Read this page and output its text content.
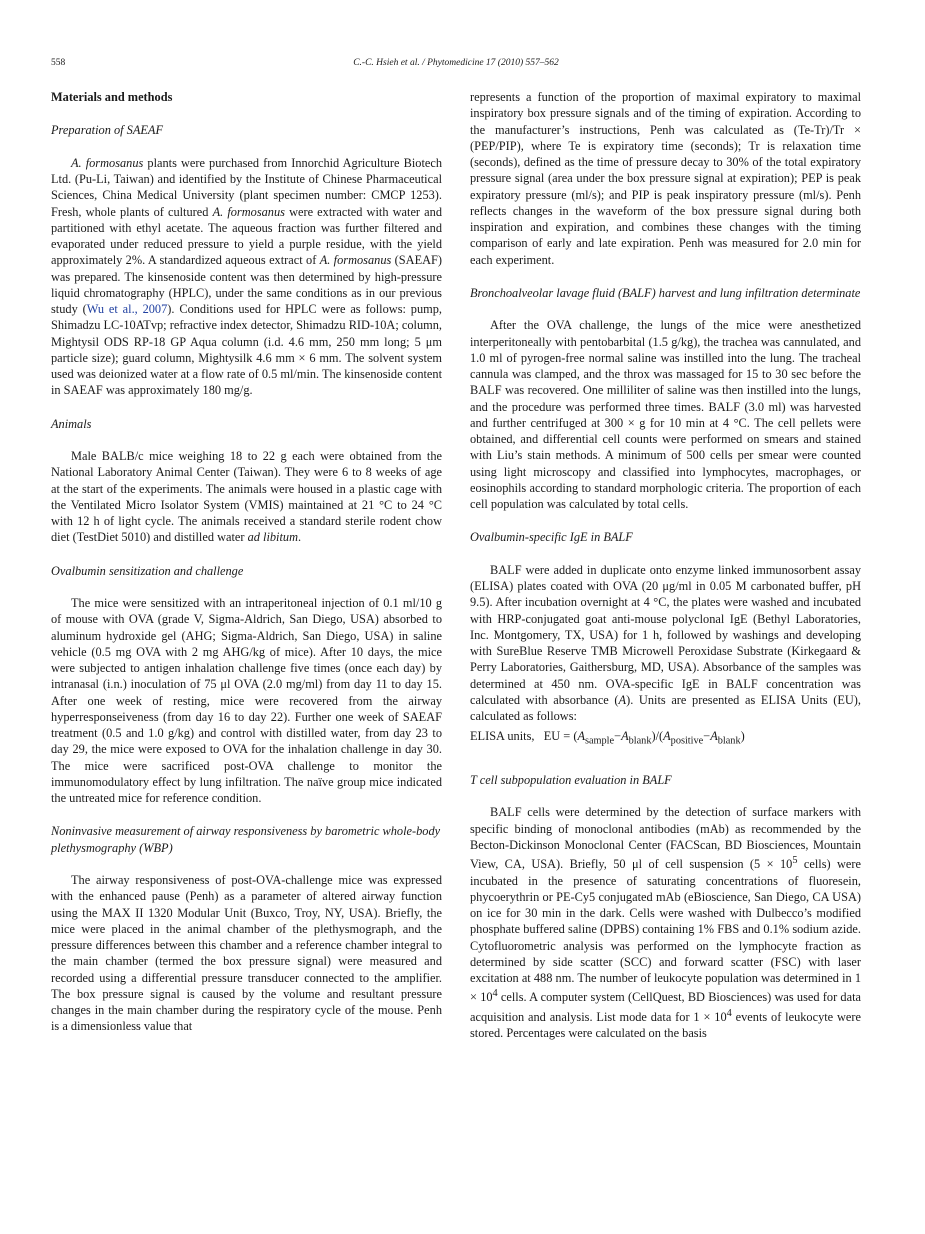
558	C.-C. Hsieh et al. / Phytomedicine 17 (2010) 557–562
Materials and methods
Preparation of SAEAF

A. formosanus plants were purchased from Innorchid Agriculture Biotech Ltd. (Pu-Li, Taiwan) and identified by the Institute of Chinese Pharmaceutical Sciences, China Medical University (plant specimen number: CMCP 1253). Fresh, whole plants of cultured A. formosanus were extracted with water and partitioned with ethyl acetate. The aqueous fraction was further filtered and evaporated under reduced pressure to yield a purple residue, with the yield approximately 2%. A standardized aqueous extract of A. formosanus (SAEAF) was prepared. The kinsenoside content was then determined by high-pressure liquid chromatography (HPLC), under the same conditions as in our previous study (Wu et al., 2007). Conditions used for HPLC were as follows: pump, Shimadzu LC-10ATvp; refractive index detector, Shimadzu RID-10A; column, Mightysil ODS RP-18 GP Aqua column (i.d. 4.6 mm, 250 mm long; 5 μm particle size); guard column, Mightysilk 4.6 mm × 6 mm. The solvent system used was deionized water at a flow rate of 0.5 ml/min. The kinsenoside content in SAEAF was approximately 180 mg/g.

Animals

Male BALB/c mice weighing 18 to 22 g each were obtained from the National Laboratory Animal Center (Taiwan). They were 6 to 8 weeks of age at the start of the experiments. The animals were housed in a plastic cage with the Ventilated Micro Isolator System (VMIS) maintained at 21 °C to 24 °C with 12 h of light cycle. The animals received a standard sterile rodent chow diet (TestDiet 5010) and distilled water ad libitum.

Ovalbumin sensitization and challenge

The mice were sensitized with an intraperitoneal injection of 0.1 ml/10 g of mouse with OVA (grade V, Sigma-Aldrich, San Diego, USA) absorbed to aluminum hydroxide gel (AHG; Sigma-Aldrich, San Diego, USA) in saline vehicle (0.5 mg OVA with 2 mg AHG/kg of mice). After 10 days, the mice were subjected to antigen inhalation challenge five times (once each day) by intranasal (i.n.) inoculation of 75 μl OVA (2.0 mg/ml) from day 11 to day 15. After one week of resting, mice were recovered from the airway hyperresponseiveness (from day 16 to day 22). Further one week of SAEAF treatment (0.5 and 1.0 g/kg) and control with distilled water, from day 23 to day 29, the mice were exposed to OVA for the inhalation challenge in day 30. The mice were sacrificed post-OVA challenge to monitor the immunomodulatory effect by lung infiltration. The naïve group mice indicated the untreated mice for reference condition.

Noninvasive measurement of airway responsiveness by barometric whole-body plethysmography (WBP)

The airway responsiveness of post-OVA-challenge mice was expressed with the enhanced pause (Penh) as a parameter of altered airway function using the MAX II 1320 Modular Unit (Buxco, Troy, NY, USA). Briefly, the mice were placed in the animal chamber of the plethysmograph, and the pressure differences between this chamber and a reference chamber integral to the main chamber (termed the box pressure signal) were measured and recorded using a differential pressure transducer connected to the amplifier. The box pressure signal is caused by the volume and resultant pressure changes in the main chamber during the respiratory cycle of the mouse. Penh is a dimensionless value that

represents a function of the proportion of maximal expiratory to maximal inspiratory box pressure signals and of the timing of expiration. According to the manufacturer’s instructions, Penh was calculated as (Te-Tr)/Tr × (PEP/PIP), where Te is expiratory time (seconds); Tr is relaxation time (seconds), defined as the time of pressure decay to 30% of the total expiratory pressure signal (area under the box pressure signal at expiration); PEP is peak expiratory pressure (ml/s); and PIP is peak inspiratory pressure (ml/s). Penh reflects changes in the waveform of the box pressure signal during both inspiration and expiration, and combines these changes with the timing comparison of early and late expiration. Penh was measured for 2.0 min for each experiment.

Bronchoalveolar lavage fluid (BALF) harvest and lung infiltration determinate

After the OVA challenge, the lungs of the mice were anesthetized interperitoneally with pentobarbital (1.5 g/kg), the trachea was cannulated, and 1.0 ml of pyrogen-free normal saline was instilled into the lung. The tracheal cannula was clamped, and the throx was massaged for 15 to 30 sec before the BALF was recovered. One milliliter of saline was then instilled into the lungs, and the procedure was performed three times. BALF (3.0 ml) was harvested and further centrifuged at 300 × g for 10 min at 4 °C. The cell pellets were obtained, and differential cell counts were performed on smears and stained with Liu’s stain methods. A minimum of 500 cells per smear were counted using light microscopy and classified into lymphocytes, macrophages, or eosinophils according to standard morphologic criteria. The proportion of each cell population was calculated by total cells.

Ovalbumin-specific IgE in BALF

BALF were added in duplicate onto enzyme linked immunosorbent assay (ELISA) plates coated with OVA (20 μg/ml in 0.05 M carbonated buffer, pH 9.5). After incubation overnight at 4 °C, the plates were washed and incubated with HRP-conjugated goat anti-mouse polyclonal IgE (Bethyl Laboratories, Inc. Montgomery, TX, USA) for 1 h, followed by washings and developing with SureBlue Reserve TMB Microwell Peroxidase Substrate (Kirkegaard & Perry Laboratories, Gaithersburg, MD, USA). Absorbance of the samples was determined at 450 nm. OVA-specific IgE in BALF concentration was calculated with absorbance (A). Units are presented as ELISA Units (EU), calculated as follows:

ELISA units, EU = $(A_{sample}-A_{blank})/(A_{positive}-A_{blank})$

T cell subpopulation evaluation in BALF

BALF cells were determined by the detection of surface markers with specific binding of monoclonal antibodies (mAb) as recommended by the Becton-Dickinson Monoclonal Center (FACScan, BD Biosciences, Mountain View, CA, USA). Briefly, 50 μl of cell suspension ($5 \times 10^5$ cells) were incubated in the presence of saturating concentrations of fluoresein, phycoerythrin or PE-Cy5 conjugated mAb (eBioscience, San Diego, CA USA) on ice for 30 min in the dark. Cells were washed with Dulbecco’s modified phosphate buffered saline (DPBS) containing 1% FBS and 0.1% sodium azide. Cytofluorometric analysis was performed on the lymphocyte fraction as determined by side scatter (SCC) and forward scatter (FSC) with laser excitation at 488 nm. The number of leukocyte population was determined in $1 \times 10^4$ cells. A computer system (CellQuest, BD Biosciences) was used for data acquisition and analysis. List mode data for $1 \times 10^4$ events of leukocyte were stored. Percentages were calculated on the basis
